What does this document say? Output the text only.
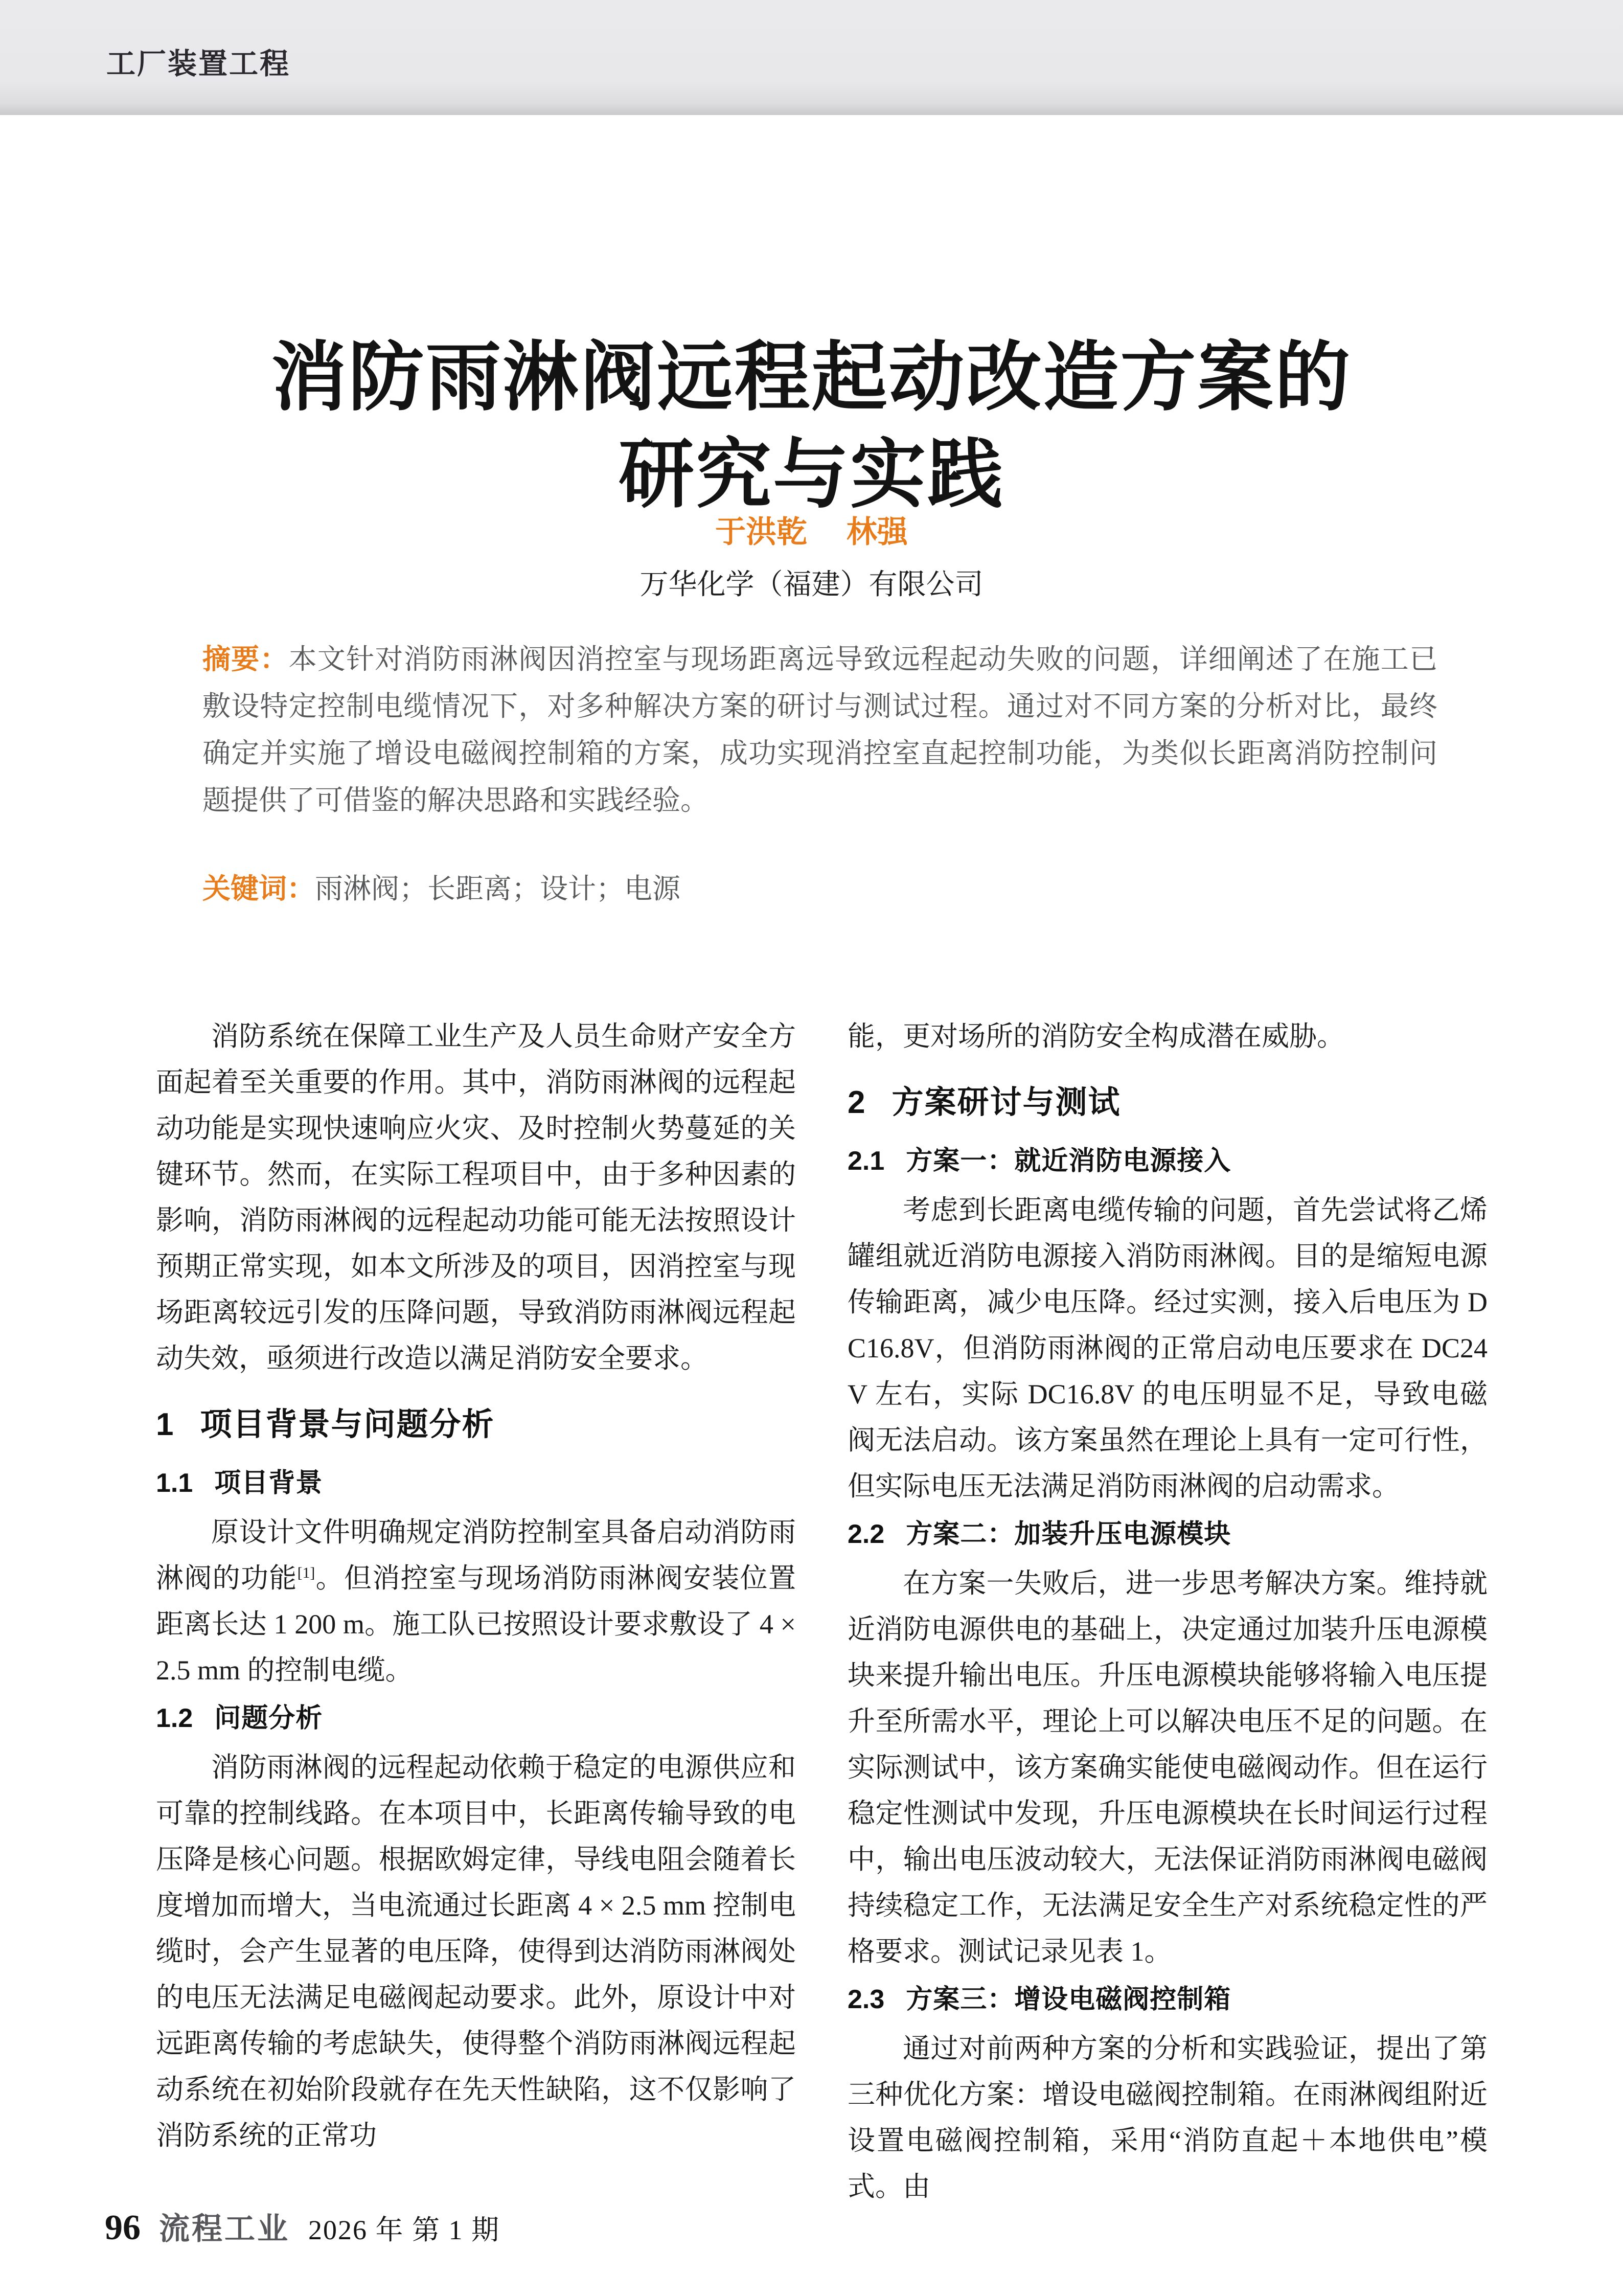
工厂装置工程
消防雨淋阀远程起动改造方案的
研究与实践
于洪乾 林强
万华化学（福建）有限公司

摘要：本文针对消防雨淋阀因消控室与现场距离远导致远程起动失败的问题，详细阐述了在施工已敷设特定控制电缆情况下，对多种解决方案的研讨与测试过程。通过对不同方案的分析对比，最终确定并实施了增设电磁阀控制箱的方案，成功实现消控室直起控制功能，为类似长距离消防控制问题提供了可借鉴的解决思路和实践经验。

关键词：雨淋阀；长距离；设计；电源

消防系统在保障工业生产及人员生命财产安全方面起着至关重要的作用。其中，消防雨淋阀的远程起动功能是实现快速响应火灾、及时控制火势蔓延的关键环节。然而，在实际工程项目中，由于多种因素的影响，消防雨淋阀的远程起动功能可能无法按照设计预期正常实现，如本文所涉及的项目，因消控室与现场距离较远引发的压降问题，导致消防雨淋阀远程起动失效，亟须进行改造以满足消防安全要求。

1 项目背景与问题分析
1.1 项目背景

原设计文件明确规定消防控制室具备启动消防雨淋阀的功能[1]。但消控室与现场消防雨淋阀安装位置距离长达 1 200 m。施工队已按照设计要求敷设了 4 × 2.5 mm 的控制电缆。

1.2 问题分析

消防雨淋阀的远程起动依赖于稳定的电源供应和可靠的控制线路。在本项目中，长距离传输导致的电压降是核心问题。根据欧姆定律，导线电阻会随着长度增加而增大，当电流通过长距离 4 × 2.5 mm 控制电缆时，会产生显著的电压降，使得到达消防雨淋阀处的电压无法满足电磁阀起动要求。此外，原设计中对远距离传输的考虑缺失，使得整个消防雨淋阀远程起动系统在初始阶段就存在先天性缺陷，这不仅影响了消防系统的正常功

能，更对场所的消防安全构成潜在威胁。

2 方案研讨与测试
2.1 方案一：就近消防电源接入

考虑到长距离电缆传输的问题，首先尝试将乙烯罐组就近消防电源接入消防雨淋阀。目的是缩短电源传输距离，减少电压降。经过实测，接入后电压为 DC16.8V，但消防雨淋阀的正常启动电压要求在 DC24V 左右，实际 DC16.8V 的电压明显不足，导致电磁阀无法启动。该方案虽然在理论上具有一定可行性，但实际电压无法满足消防雨淋阀的启动需求。

2.2 方案二：加装升压电源模块

在方案一失败后，进一步思考解决方案。维持就近消防电源供电的基础上，决定通过加装升压电源模块来提升输出电压。升压电源模块能够将输入电压提升至所需水平，理论上可以解决电压不足的问题。在实际测试中，该方案确实能使电磁阀动作。但在运行稳定性测试中发现，升压电源模块在长时间运行过程中，输出电压波动较大，无法保证消防雨淋阀电磁阀持续稳定工作，无法满足安全生产对系统稳定性的严格要求。测试记录见表 1。

2.3 方案三：增设电磁阀控制箱

通过对前两种方案的分析和实践验证，提出了第三种优化方案：增设电磁阀控制箱。在雨淋阀组附近设置电磁阀控制箱，采用“消防直起＋本地供电”模式。由

96 流程工业 2026 年 第 1 期
